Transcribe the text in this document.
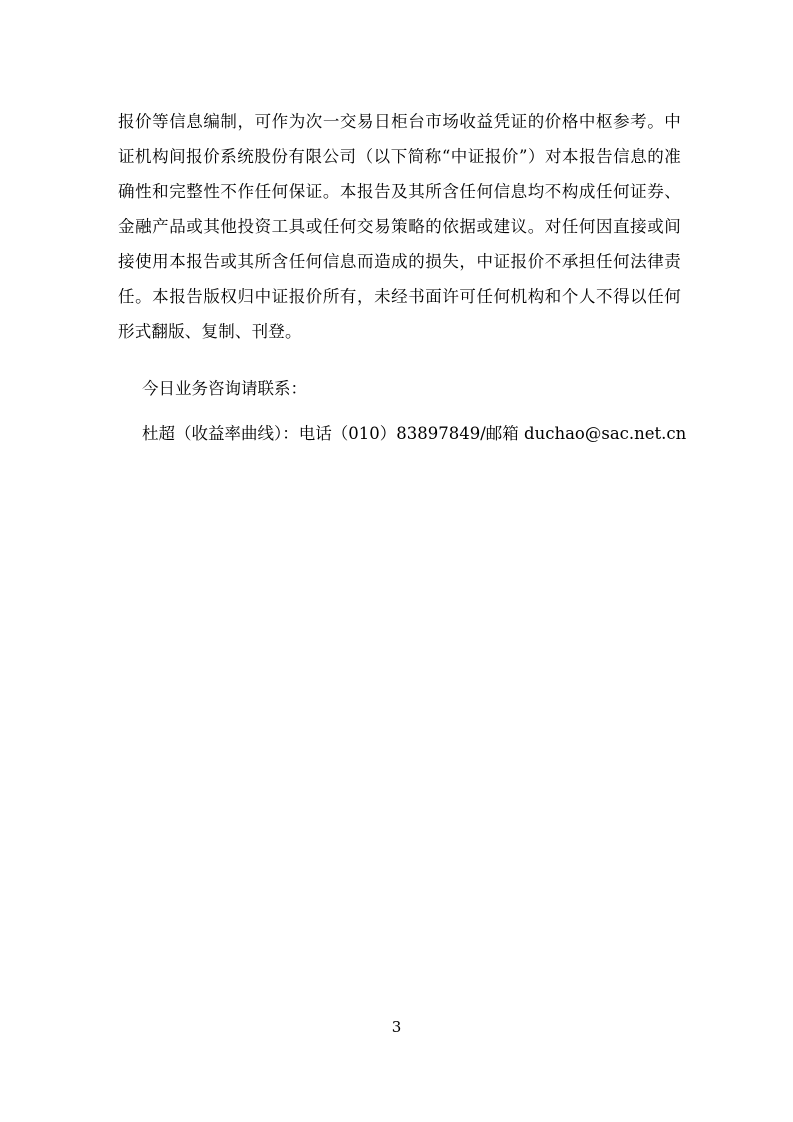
报价等信息编制，可作为次一交易日柜台市场收益凭证的价格中枢参考。中证机构间报价系统股份有限公司（以下简称“中证报价”）对本报告信息的准确性和完整性不作任何保证。本报告及其所含任何信息均不构成任何证券、金融产品或其他投资工具或任何交易策略的依据或建议。对任何因直接或间接使用本报告或其所含任何信息而造成的损失，中证报价不承担任何法律责任。本报告版权归中证报价所有，未经书面许可任何机构和个人不得以任何形式翻版、复制、刊登。

今日业务咨询请联系：

杜超（收益率曲线）：电话（010）83897849/邮箱 duchao@sac.net.cn

3
